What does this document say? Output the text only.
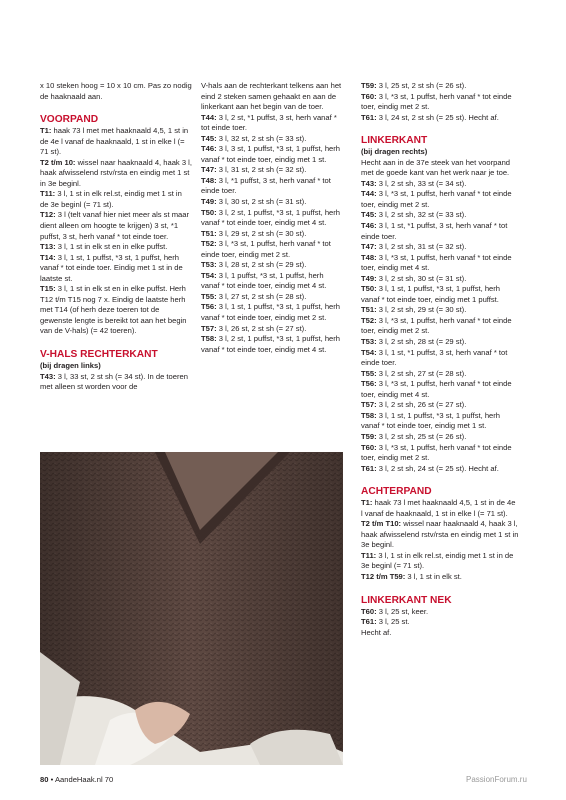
x 10 steken hoog = 10 x 10 cm. Pas zo nodig de haaknaald aan.

VOORPAND

T1: haak 73 l met met haaknaald 4,5, 1 st in de 4e l vanaf de haaknaald, 1 st in elke l (= 71 st).

T2 t/m 10: wissel naar haaknaald 4, haak 3 l, haak afwisselend rstv/rsta en eindig met 1 st in 3e beginl.

T11: 3 l, 1 st in elk rel.st, eindig met 1 st in de 3e beginl (= 71 st).

T12: 3 l (telt vanaf hier niet meer als st maar dient alleen om hoogte te krijgen) 3 st, *1 puffst, 3 st, herh vanaf * tot einde toer.

T13: 3 l, 1 st in elk st en in elke puffst.

T14: 3 l, 1 st, 1 puffst, *3 st, 1 puffst, herh vanaf * tot einde toer. Eindig met 1 st in de laatste st.

T15: 3 l, 1 st in elk st en in elke puffst. Herh T12 t/m T15 nog 7 x. Eindig de laatste herh met T14 (of herh deze toeren tot de gewenste lengte is bereikt tot aan het begin van de V-hals) (= 42 toeren).

V-HALS RECHTERKANT
(bij dragen links)

T43: 3 l, 33 st, 2 st sh (= 34 st). In de toeren met alleen st worden voor de

V-hals aan de rechterkant telkens aan het eind 2 steken samen gehaakt en aan de linkerkant aan het begin van de toer.

T44: 3 l, 2 st, *1 puffst, 3 st, herh vanaf * tot einde toer.

T45: 3 l, 32 st, 2 st sh (= 33 st).

T46: 3 l, 3 st, 1 puffst, *3 st, 1 puffst, herh vanaf * tot einde toer, eindig met 1 st.

T47: 3 l, 31 st, 2 st sh (= 32 st).

T48: 3 l, *1 puffst, 3 st, herh vanaf * tot einde toer.

T49: 3 l, 30 st, 2 st sh (= 31 st).

T50: 3 l, 2 st, 1 puffst, *3 st, 1 puffst, herh vanaf * tot einde toer, eindig met 4 st.

T51: 3 l, 29 st, 2 st sh (= 30 st).

T52: 3 l, *3 st, 1 puffst, herh vanaf * tot einde toer, eindig met 2 st.

T53: 3 l, 28 st, 2 st sh (= 29 st).

T54: 3 l, 1 puffst, *3 st, 1 puffst, herh vanaf * tot einde toer, eindig met 4 st.

T55: 3 l, 27 st, 2 st sh (= 28 st).

T56: 3 l, 1 st, 1 puffst, *3 st, 1 puffst, herh vanaf * tot einde toer, eindig met 2 st.

T57: 3 l, 26 st, 2 st sh (= 27 st).

T58: 3 l, 2 st, 1 puffst, *3 st, 1 puffst, herh vanaf * tot einde toer, eindig met 4 st.

T59: 3 l, 25 st, 2 st sh (= 26 st).

T60: 3 l, *3 st, 1 puffst, herh vanaf * tot einde toer, eindig met 2 st.

T61: 3 l, 24 st, 2 st sh (= 25 st). Hecht af.

LINKERKANT
(bij dragen rechts)

Hecht aan in de 37e steek van het voorpand met de goede kant van het werk naar je toe.

T43: 3 l, 2 st sh, 33 st (= 34 st).

T44: 3 l, *3 st, 1 puffst, herh vanaf * tot einde toer, eindig met 2 st.

T45: 3 l, 2 st sh, 32 st (= 33 st).

T46: 3 l, 1 st, *1 puffst, 3 st, herh vanaf * tot einde toer.

T47: 3 l, 2 st sh, 31 st (= 32 st).

T48: 3 l, *3 st, 1 puffst, herh vanaf * tot einde toer, eindig met 4 st.

T49: 3 l, 2 st sh, 30 st (= 31 st).

T50: 3 l, 1 st, 1 puffst, *3 st, 1 puffst, herh vanaf * tot einde toer, eindig met 1 puffst.

T51: 3 l, 2 st sh, 29 st (= 30 st).

T52: 3 l, *3 st, 1 puffst, herh vanaf * tot einde toer, eindig met 2 st.

T53: 3 l, 2 st sh, 28 st (= 29 st).

T54: 3 l, 1 st, *1 puffst, 3 st, herh vanaf * tot einde toer.

T55: 3 l, 2 st sh, 27 st (= 28 st).

T56: 3 l, *3 st, 1 puffst, herh vanaf * tot einde toer, eindig met 4 st.

T57: 3 l, 2 st sh, 26 st (= 27 st).

T58: 3 l, 1 st, 1 puffst, *3 st, 1 puffst, herh vanaf * tot einde toer, eindig met 1 st.

T59: 3 l, 2 st sh, 25 st (= 26 st).

T60: 3 l, *3 st, 1 puffst, herh vanaf * tot einde toer, eindig met 2 st.

T61: 3 l, 2 st sh, 24 st (= 25 st). Hecht af.

ACHTERPAND

T1: haak 73 l met haaknaald 4,5, 1 st in de 4e l vanaf de haaknaald, 1 st in elke l (= 71 st).

T2 t/m T10: wissel naar haaknaald 4, haak 3 l, haak afwisselend rstv/rsta en eindig met 1 st in 3e beginl.

T11: 3 l, 1 st in elk rel.st, eindig met 1 st in de 3e beginl (= 71 st).

T12 t/m T59: 3 l, 1 st in elk st.

LINKERKANT NEK

T60: 3 l, 25 st, keer.

T61: 3 l, 25 st.

Hecht af.

80 • AandeHaak.nl 70	PassionForum.ru
